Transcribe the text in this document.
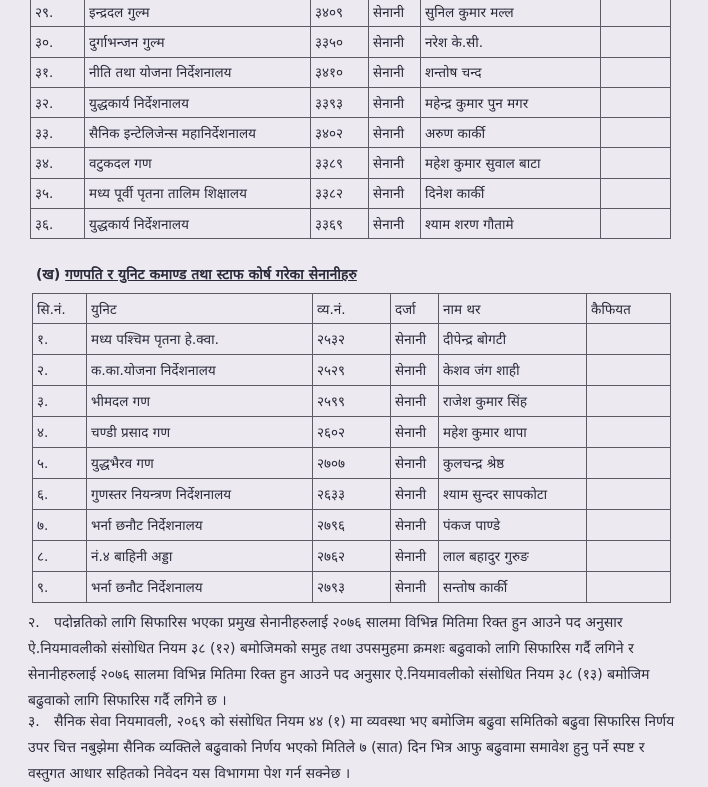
२९.	इन्द्रदल गुल्म	३४०९	सेनानी	सुनिल कुमार मल्ल	
३०.	दुर्गाभन्जन गुल्म	३३५०	सेनानी	नरेश के.सी.	
३१.	नीति तथा योजना निर्देशनालय	३४१०	सेनानी	शन्तोष चन्द	
३२.	युद्धकार्य निर्देशनालय	३३९३	सेनानी	महेन्द्र कुमार पुन मगर	
३३.	सैनिक इन्टेलिजेन्स महानिर्देशनालय	३४०२	सेनानी	अरुण कार्की	
३४.	वटुकदल गण	३३८९	सेनानी	महेश कुमार सुवाल बाटा	
३५.	मध्य पूर्वी पृतना तालिम शिक्षालय	३३८२	सेनानी	दिनेश कार्की	
३६.	युद्धकार्य निर्देशनालय	३३६९	सेनानी	श्याम शरण गौतामे	
(ख) गणपति र युनिट कमाण्ड तथा स्टाफ कोर्ष गरेका सेनानीहरु
सि.नं.	युनिट	व्य.नं.	दर्जा	नाम थर	कैफियत
१.	मध्य पश्चिम पृतना हे.क्वा.	२५३२	सेनानी	दीपेन्द्र बोगटी	
२.	क.का.योजना निर्देशनालय	२५२९	सेनानी	केशव जंग शाही	
३.	भीमदल गण	२५९९	सेनानी	राजेश कुमार सिंह	
४.	चण्डी प्रसाद गण	२६०२	सेनानी	महेश कुमार थापा	
५.	युद्धभैरव गण	२७०७	सेनानी	कुलचन्द्र श्रेष्ठ	
६.	गुणस्तर नियन्त्रण निर्देशनालय	२६३३	सेनानी	श्याम सुन्दर सापकोटा	
७.	भर्ना छनौट निर्देशनालय	२७९६	सेनानी	पंकज पाण्डे	
८.	नं.४ बाहिनी अड्डा	२७६२	सेनानी	लाल बहादुर गुरुङ	
९.	भर्ना छनौट निर्देशनालय	२७९३	सेनानी	सन्तोष कार्की	

२. पदोन्नतिको लागि सिफारिस भएका प्रमुख सेनानीहरुलाई २०७६ सालमा विभिन्न मितिमा रिक्त हुन आउने पद अनुसार ऐ.नियमावलीको संसोधित नियम ३८ (१२) बमोजिमको समुह तथा उपसमुहमा क्रमशः बढुवाको लागि सिफारिस गर्दै लगिने र सेनानीहरुलाई २०७६ सालमा विभिन्न मितिमा रिक्त हुन आउने पद अनुसार ऐ.नियमावलीको संसोधित नियम ३८ (१३) बमोजिम बढुवाको लागि सिफारिस गर्दै लगिने छ ।

३. सैनिक सेवा नियमावली, २०६९ को संसोधित नियम ४४ (१) मा व्यवस्था भए बमोजिम बढुवा समितिको बढुवा सिफारिस निर्णय उपर चित्त नबुझेमा सैनिक व्यक्तिले बढुवाको निर्णय भएको मितिले ७ (सात) दिन भित्र आफु बढुवामा समावेश हुनु पर्ने स्पष्ट र वस्तुगत आधार सहितको निवेदन यस विभागमा पेश गर्न सक्नेछ ।
